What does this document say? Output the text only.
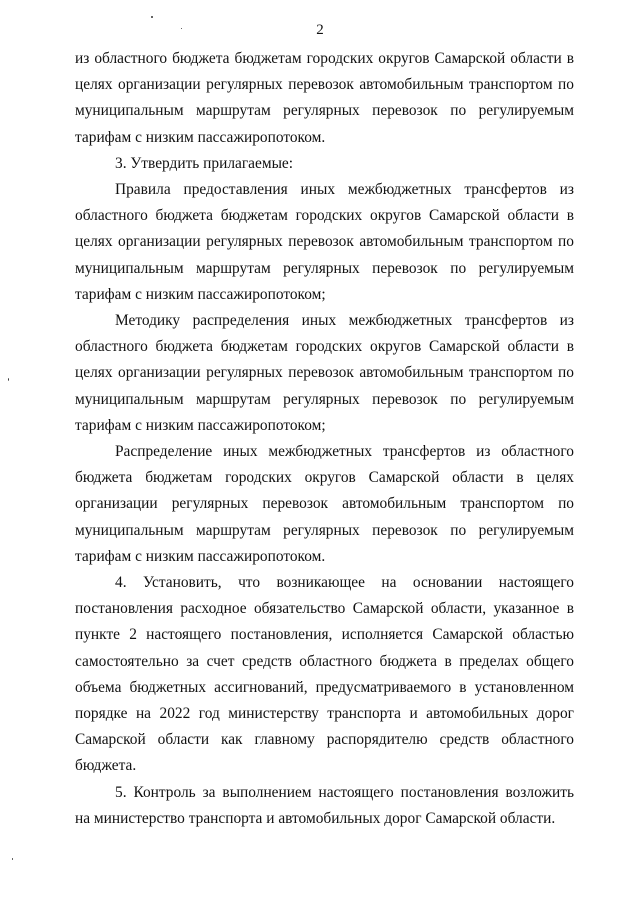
2

из областного бюджета бюджетам городских округов Самарской области в целях организации регулярных перевозок автомобильным транспортом по муниципальным маршрутам регулярных перевозок по регулируемым тарифам с низким пассажиропотоком.

3. Утвердить прилагаемые:

Правила предоставления иных межбюджетных трансфертов из областного бюджета бюджетам городских округов Самарской области в целях организации регулярных перевозок автомобильным транспортом по муниципальным маршрутам регулярных перевозок по регулируемым тарифам с низким пассажиропотоком;

Методику распределения иных межбюджетных трансфертов из областного бюджета бюджетам городских округов Самарской области в целях организации регулярных перевозок автомобильным транспортом по муниципальным маршрутам регулярных перевозок по регулируемым тарифам с низким пассажиропотоком;

Распределение иных межбюджетных трансфертов из областного бюджета бюджетам городских округов Самарской области в целях организации регулярных перевозок автомобильным транспортом по муниципальным маршрутам регулярных перевозок по регулируемым тарифам с низким пассажиропотоком.

4. Установить, что возникающее на основании настоящего постановления расходное обязательство Самарской области, указанное в пункте 2 настоящего постановления, исполняется Самарской областью самостоятельно за счет средств областного бюджета в пределах общего объема бюджетных ассигнований, предусматриваемого в установленном порядке на 2022 год министерству транспорта и автомобильных дорог Самарской области как главному распорядителю средств областного бюджета.

5. Контроль за выполнением настоящего постановления возложить на министерство транспорта и автомобильных дорог Самарской области.
